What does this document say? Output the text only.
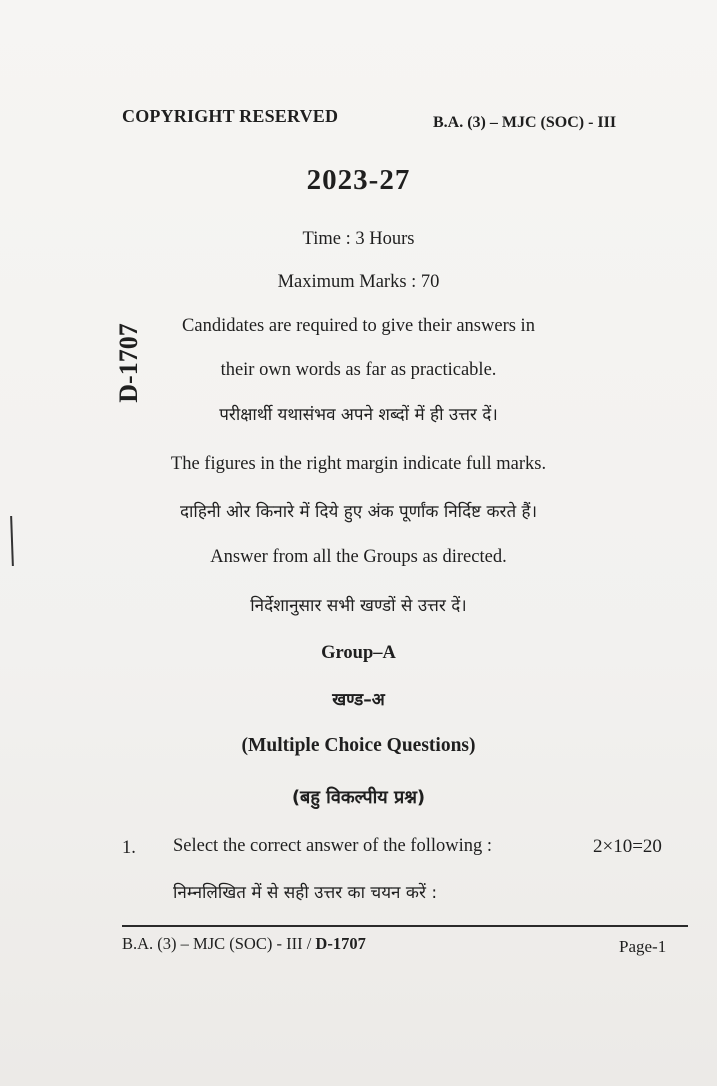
COPYRIGHT RESERVED	B.A. (3) – MJC (SOC) - III
2023-27
D-1707
Time : 3 Hours
Maximum Marks : 70
Candidates are required to give their answers in
their own words as far as practicable.
परीक्षार्थी यथासंभव अपने शब्दों में ही उत्तर दें।
The figures in the right margin indicate full marks.
दाहिनी ओर किनारे में दिये हुए अंक पूर्णांक निर्दिष्ट करते हैं।
Answer from all the Groups as directed.
निर्देशानुसार सभी खण्डों से उत्तर दें।
Group–A
खण्ड–अ
(Multiple Choice Questions)
(बहु विकल्पीय प्रश्न)
1. Select the correct answer of the following :	2×10=20
निम्नलिखित में से सही उत्तर का चयन करें :
B.A. (3) – MJC (SOC) - III / D-1707	Page-1
